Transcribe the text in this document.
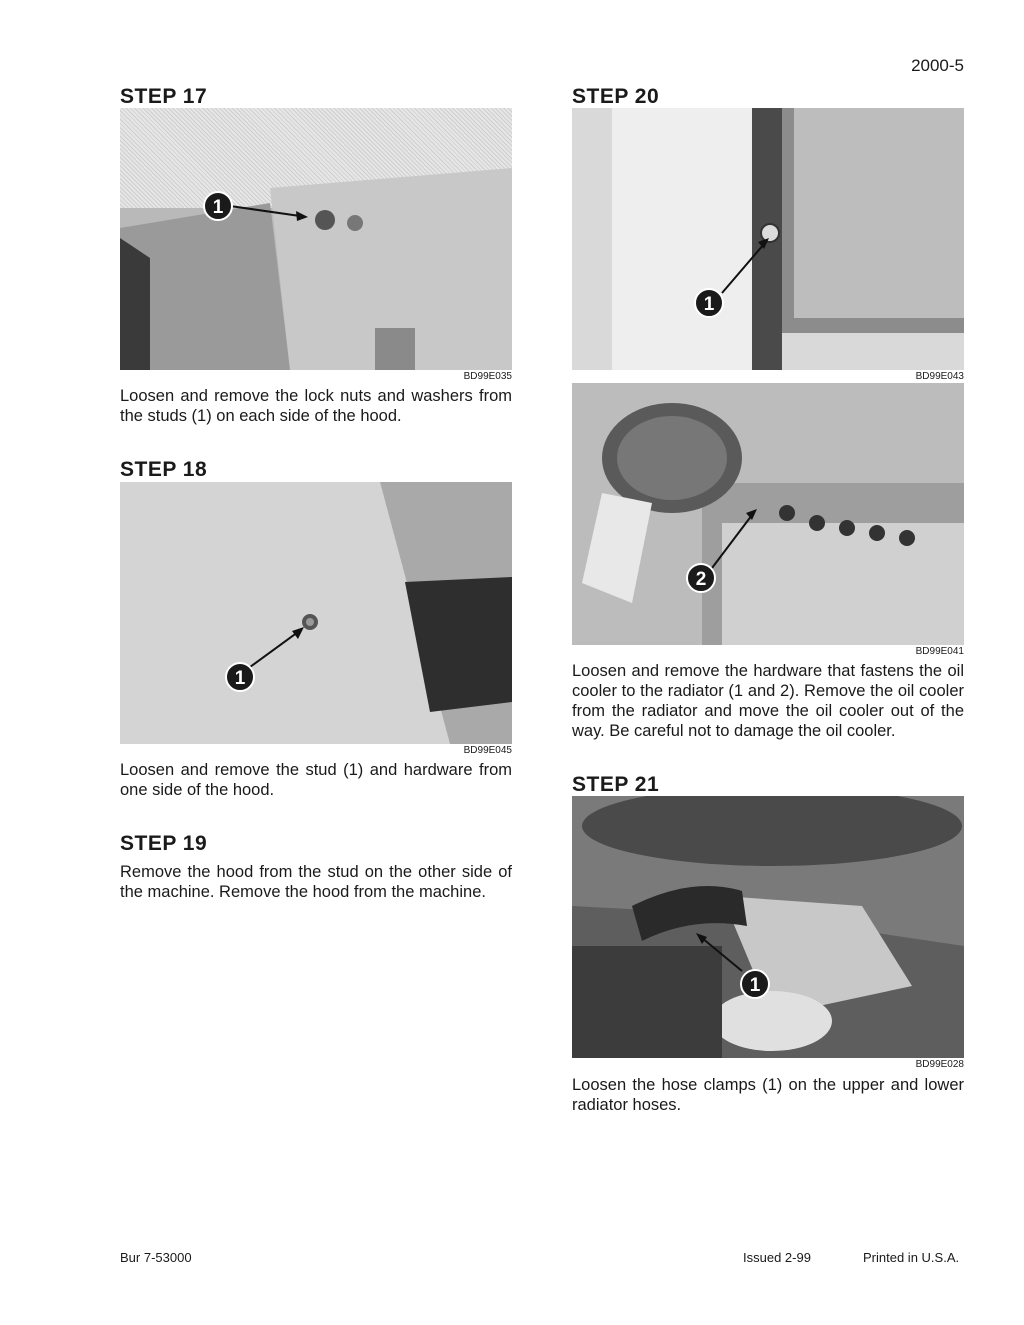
2000-5
STEP 17
1
BD99E035
Loosen and remove the lock nuts and washers from the studs (1) on each side of the hood.
STEP 18
1
BD99E045
Loosen and remove the stud (1) and hardware from one side of the hood.
STEP 19
Remove the hood from the stud on the other side of the machine. Remove the hood from the machine.
STEP 20
1
BD99E043
2
BD99E041
Loosen and remove the hardware that fastens the oil cooler to the radiator (1 and 2). Remove the oil cooler from the radiator and move the oil cooler out of the way. Be careful not to damage the oil cooler.
STEP 21
1
BD99E028
Loosen the hose clamps (1) on the upper and lower radiator hoses.
Bur 7-53000	Issued 2-99	Printed in U.S.A.
